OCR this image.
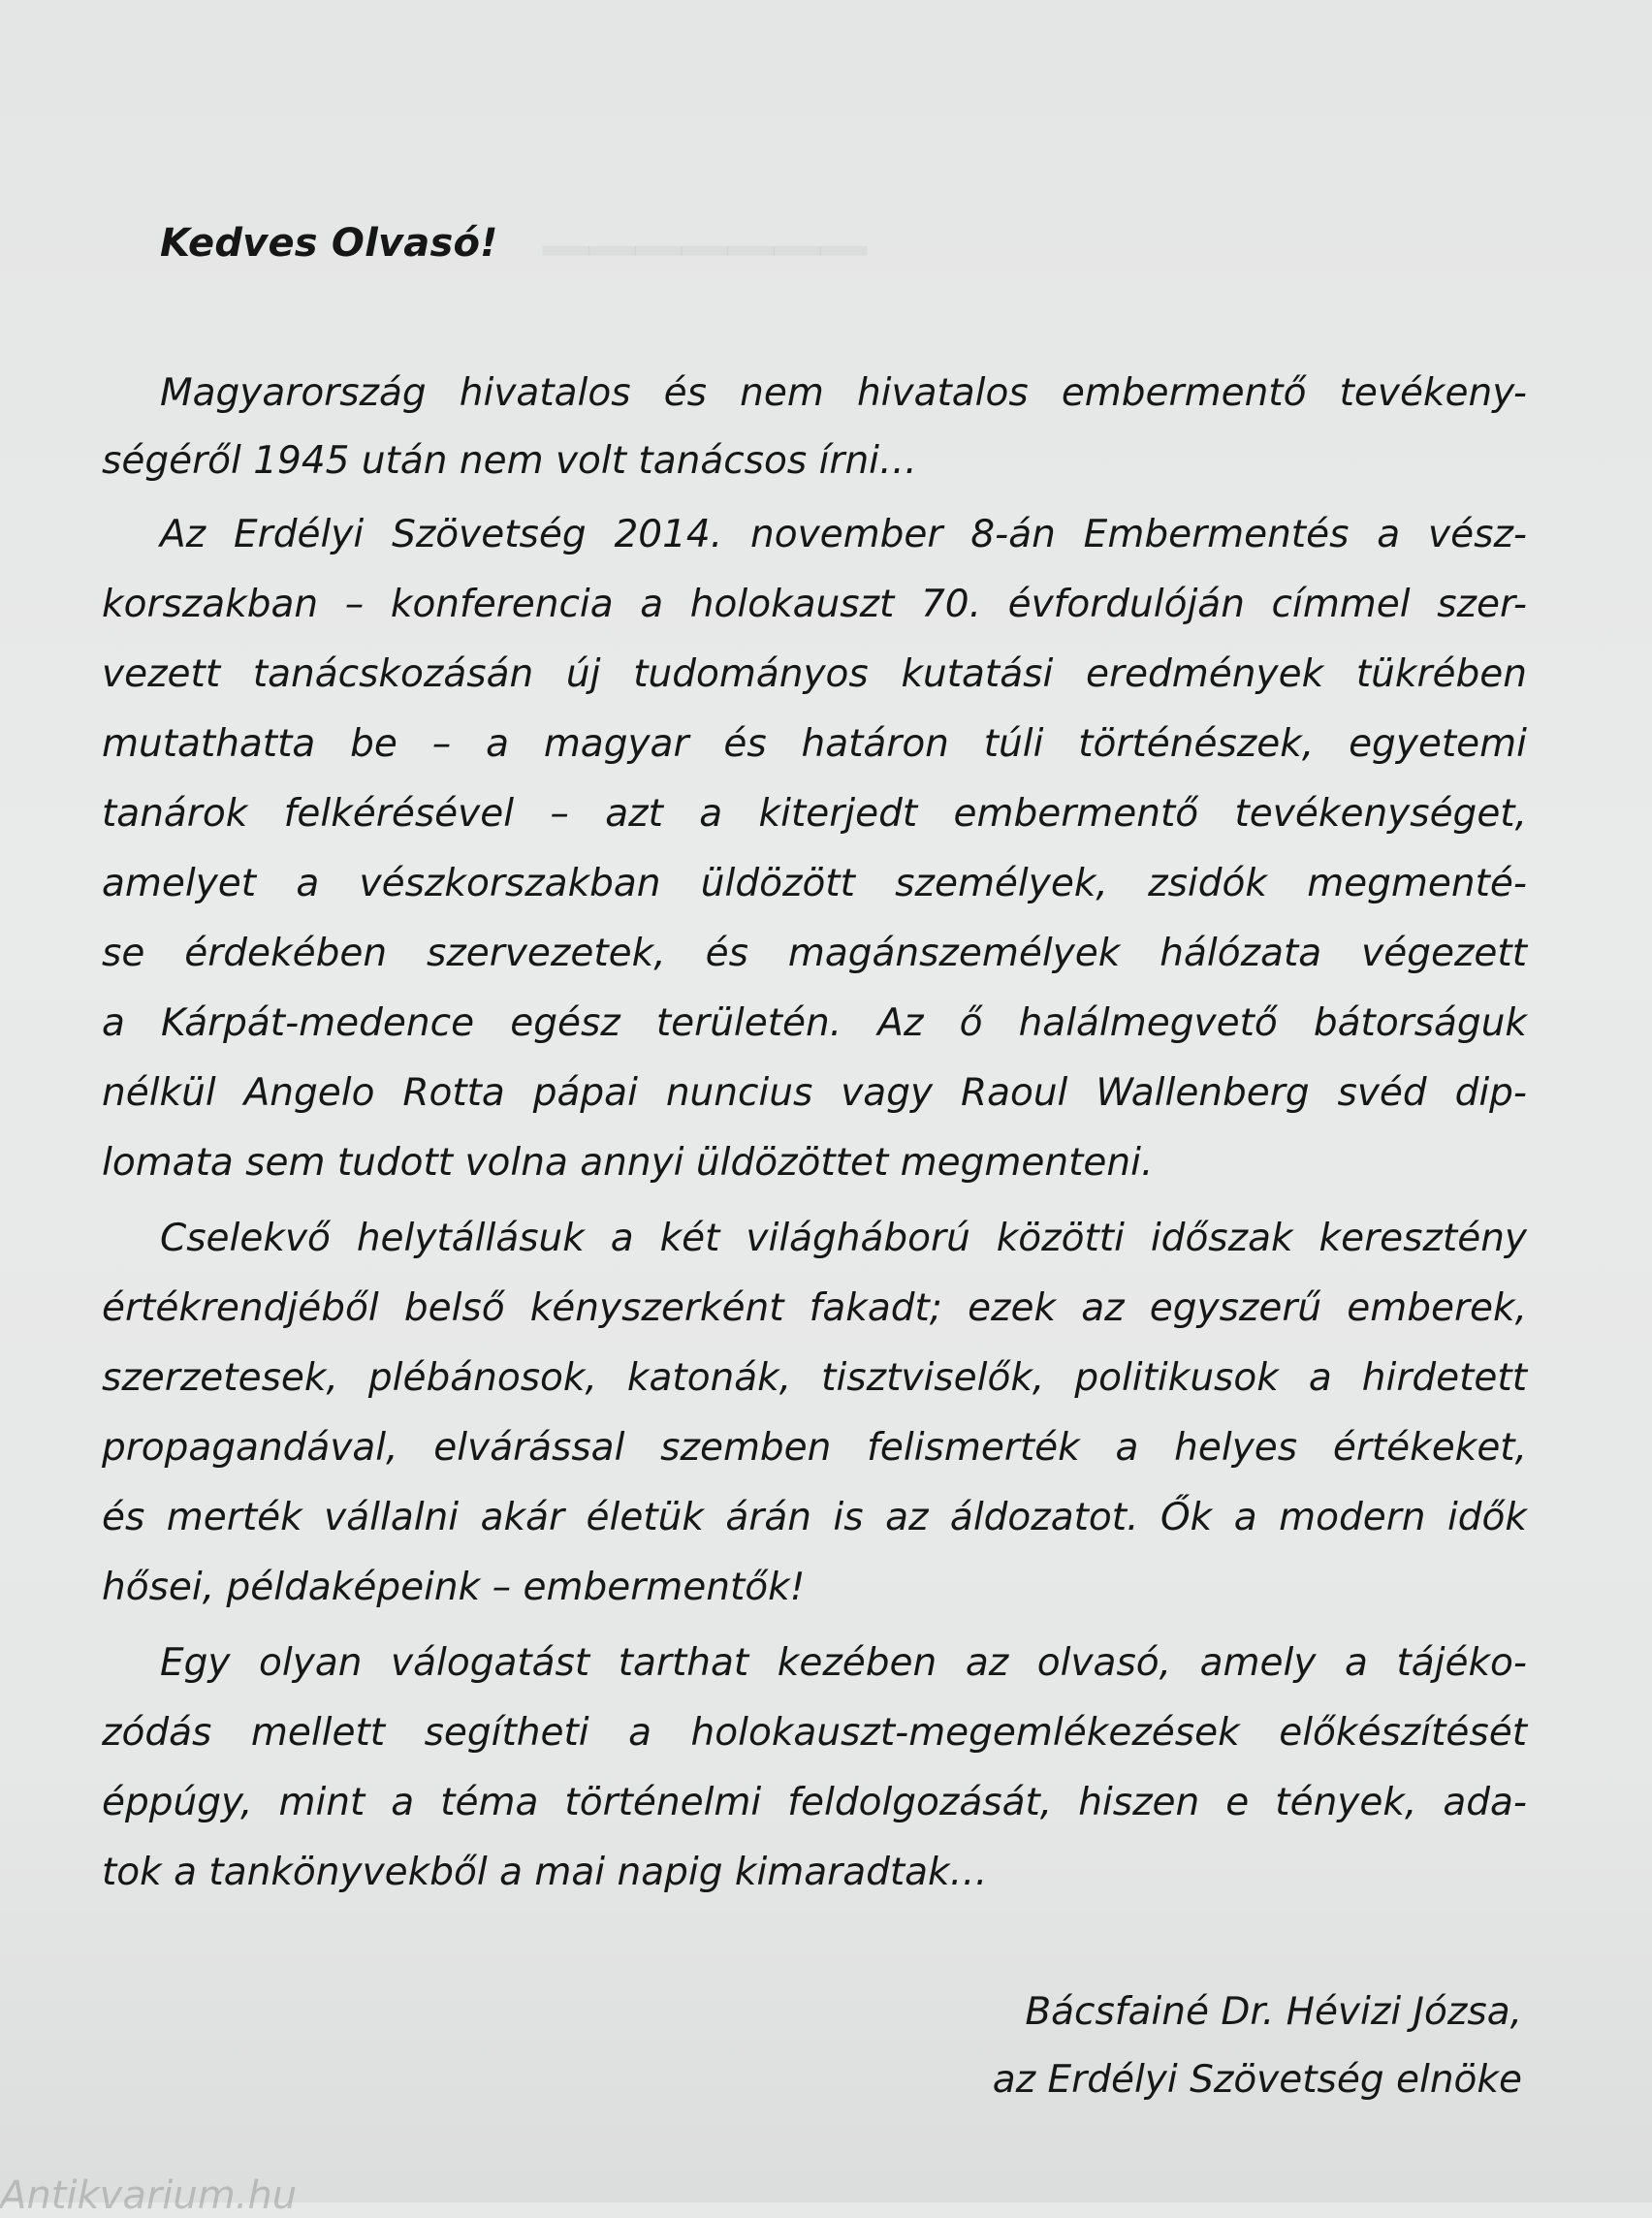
▁▁▁▁▁▁▁
Kedves Olvasó!
Magyarország hivatalos és nem hivatalos embermentő tevékeny-
ségéről 1945 után nem volt tanácsos írni…
Az Erdélyi Szövetség 2014. november 8-án Embermentés a vész-
korszakban – konferencia a holokauszt 70. évfordulóján címmel szer-
vezett tanácskozásán új tudományos kutatási eredmények tükrében
mutathatta be – a magyar és határon túli történészek, egyetemi
tanárok felkérésével – azt a kiterjedt embermentő tevékenységet,
amelyet a vészkorszakban üldözött személyek, zsidók megmenté-
se érdekében szervezetek, és magánszemélyek hálózata végezett
a Kárpát-medence egész területén. Az ő halálmegvető bátorságuk
nélkül Angelo Rotta pápai nuncius vagy Raoul Wallenberg svéd dip-
lomata sem tudott volna annyi üldözöttet megmenteni.
Cselekvő helytállásuk a két világháború közötti időszak keresztény
értékrendjéből belső kényszerként fakadt; ezek az egyszerű emberek,
szerzetesek, plébánosok, katonák, tisztviselők, politikusok a hirdetett
propagandával, elvárással szemben felismerték a helyes értékeket,
és merték vállalni akár életük árán is az áldozatot. Ők a modern idők
hősei, példaképeink – embermentők!
Egy olyan válogatást tarthat kezében az olvasó, amely a tájéko-
zódás mellett segítheti a holokauszt-megemlékezések előkészítését
éppúgy, mint a téma történelmi feldolgozását, hiszen e tények, ada-
tok a tankönyvekből a mai napig kimaradtak…
Bácsfainé Dr. Hévizi Józsa,
az Erdélyi Szövetség elnöke
Antikvarium.hu
